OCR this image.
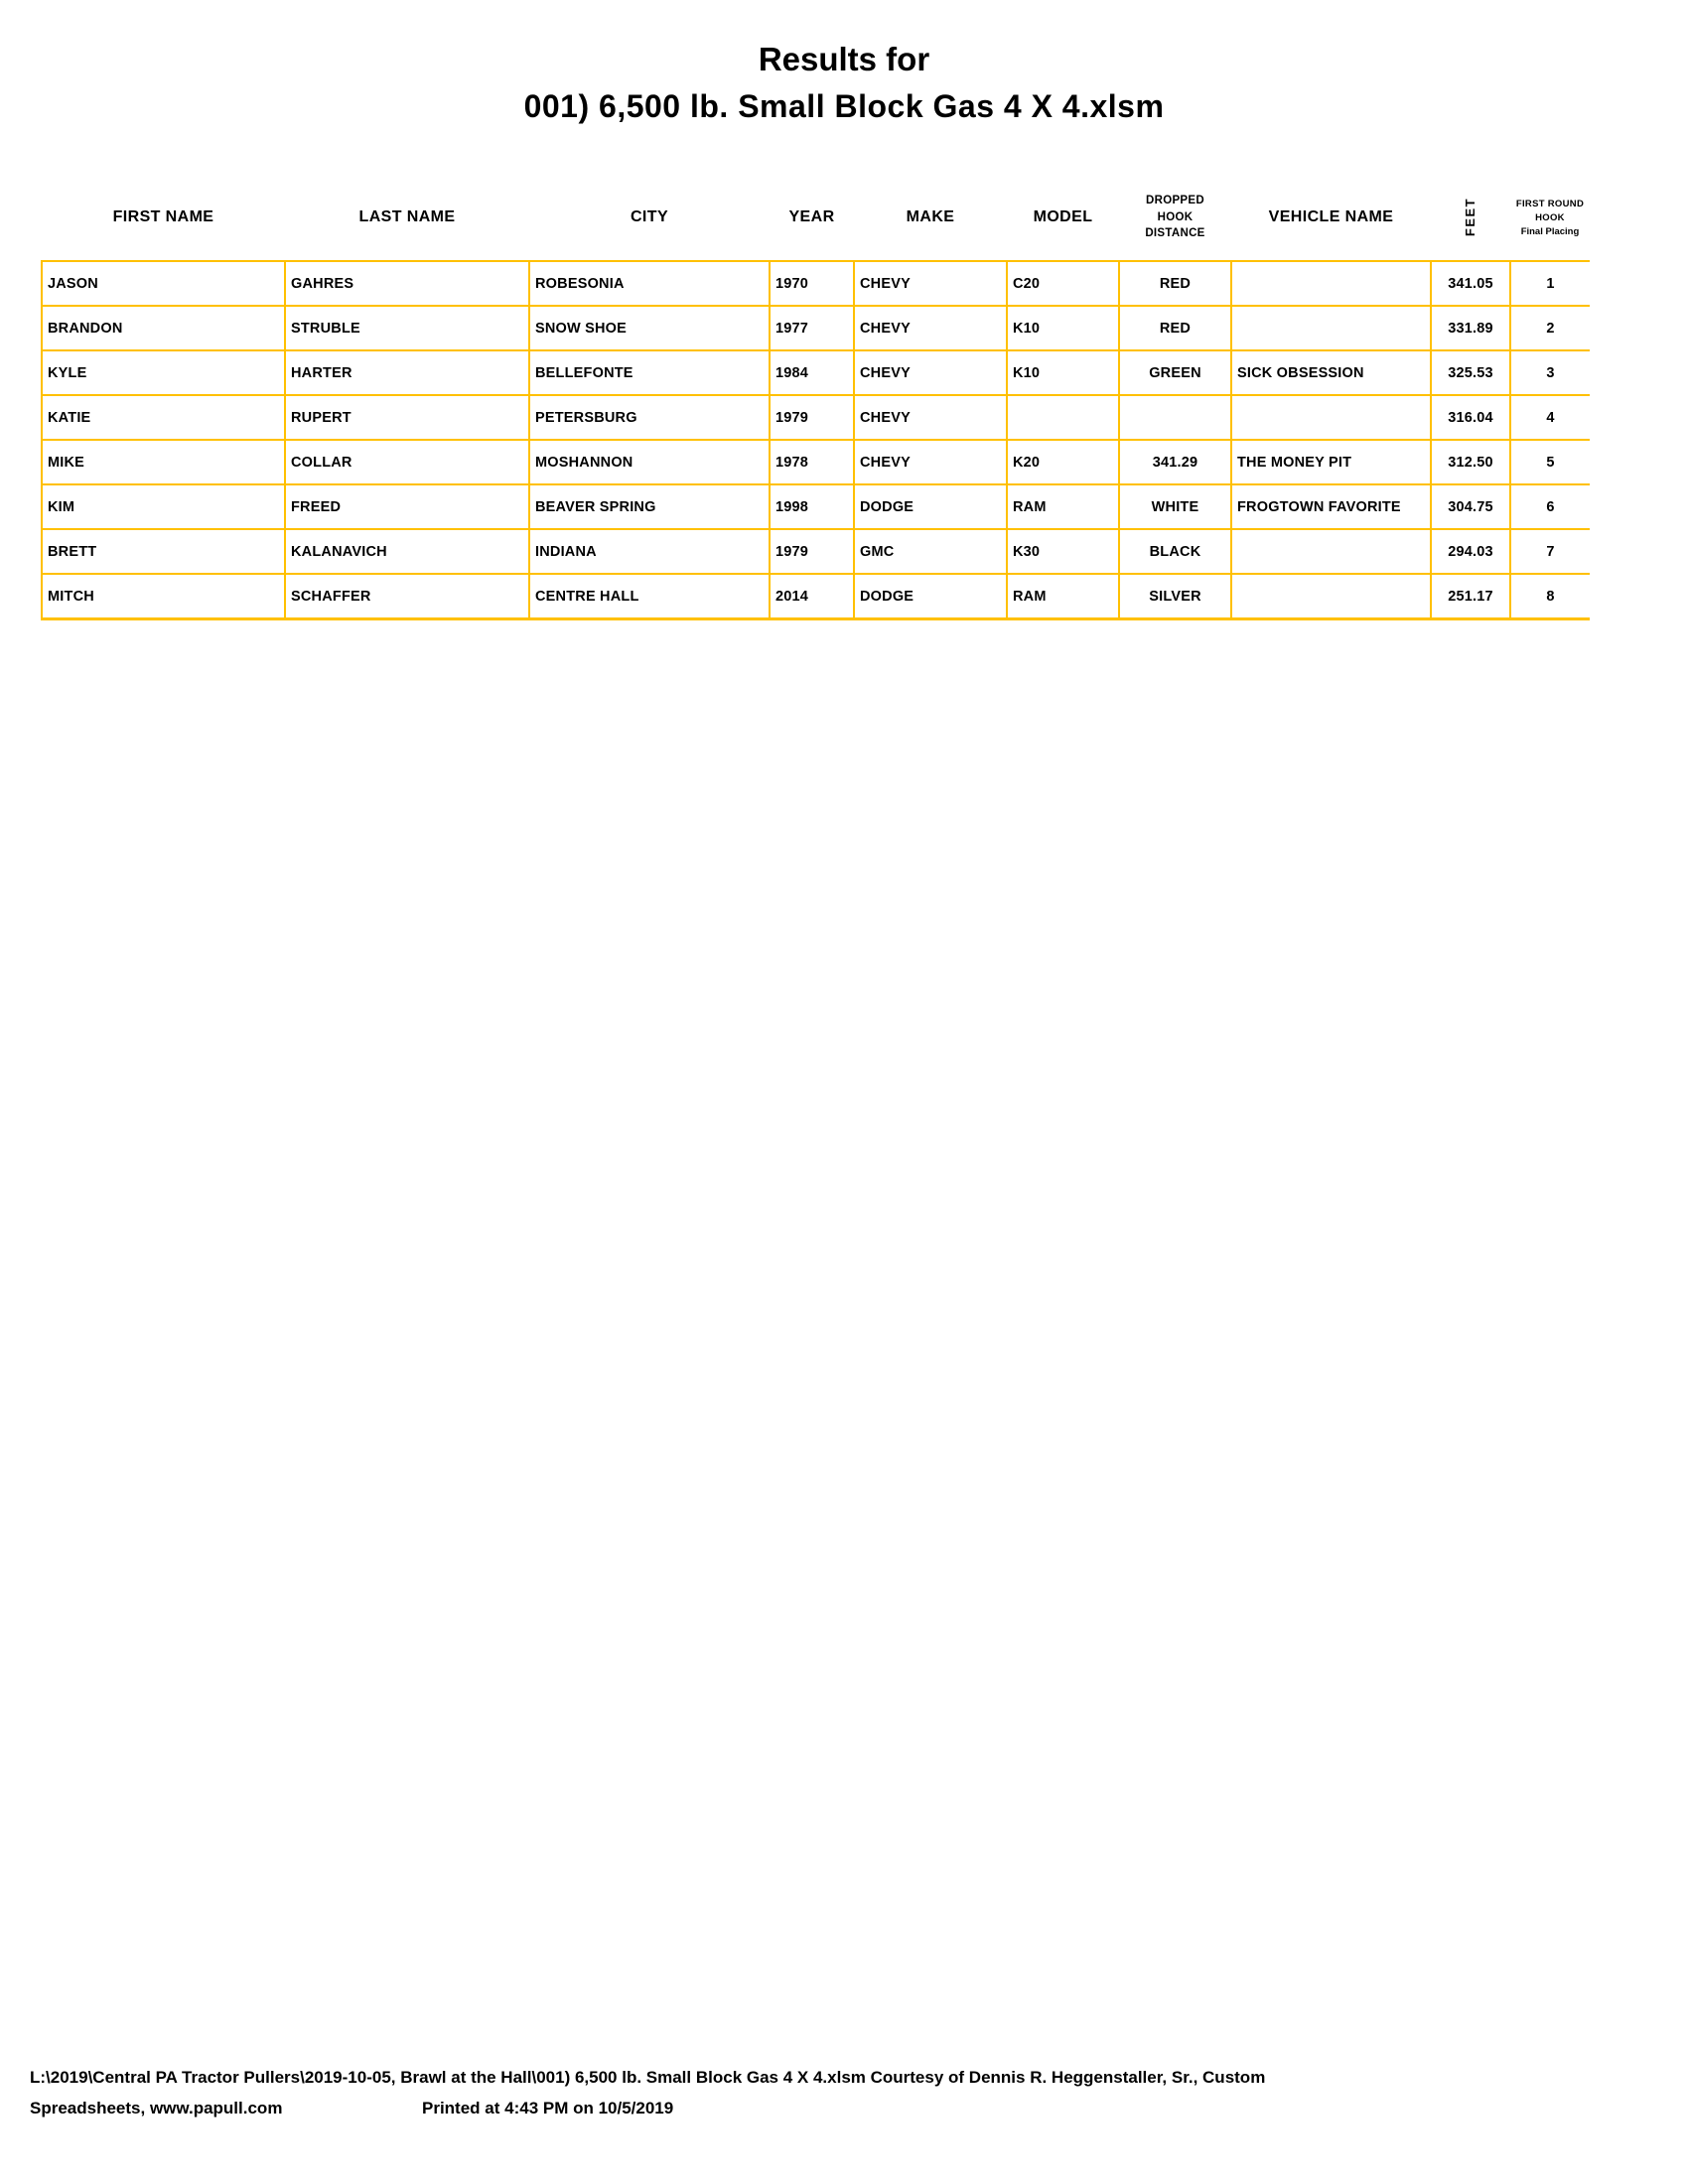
Results for
001) 6,500 lb. Small Block Gas 4 X 4.xlsm
FIRST NAME	LAST NAME	CITY	YEAR	MAKE	MODEL	DROPPED HOOK DISTANCE	VEHICLE NAME	FEET	FIRST ROUND HOOK
Final Placing

JASON	GAHRES	ROBESONIA	1970	CHEVY	C20	RED		341.05	1
BRANDON	STRUBLE	SNOW SHOE	1977	CHEVY	K10	RED		331.89	2
KYLE	HARTER	BELLEFONTE	1984	CHEVY	K10	GREEN	SICK OBSESSION	325.53	3
KATIE	RUPERT	PETERSBURG	1979	CHEVY				316.04	4
MIKE	COLLAR	MOSHANNON	1978	CHEVY	K20	341.29	THE MONEY PIT	312.50	5
KIM	FREED	BEAVER SPRING	1998	DODGE	RAM	WHITE	FROGTOWN FAVORITE	304.75	6
BRETT	KALANAVICH	INDIANA	1979	GMC	K30	BLACK		294.03	7
MITCH	SCHAFFER	CENTRE HALL	2014	DODGE	RAM	SILVER		251.17	8
L:\2019\Central PA Tractor Pullers\2019-10-05, Brawl at the Hall\001) 6,500 lb. Small Block Gas 4 X 4.xlsm Courtesy of Dennis R. Heggenstaller, Sr., Custom
Spreadsheets, www.papull.com	Printed at 4:43 PM on 10/5/2019
